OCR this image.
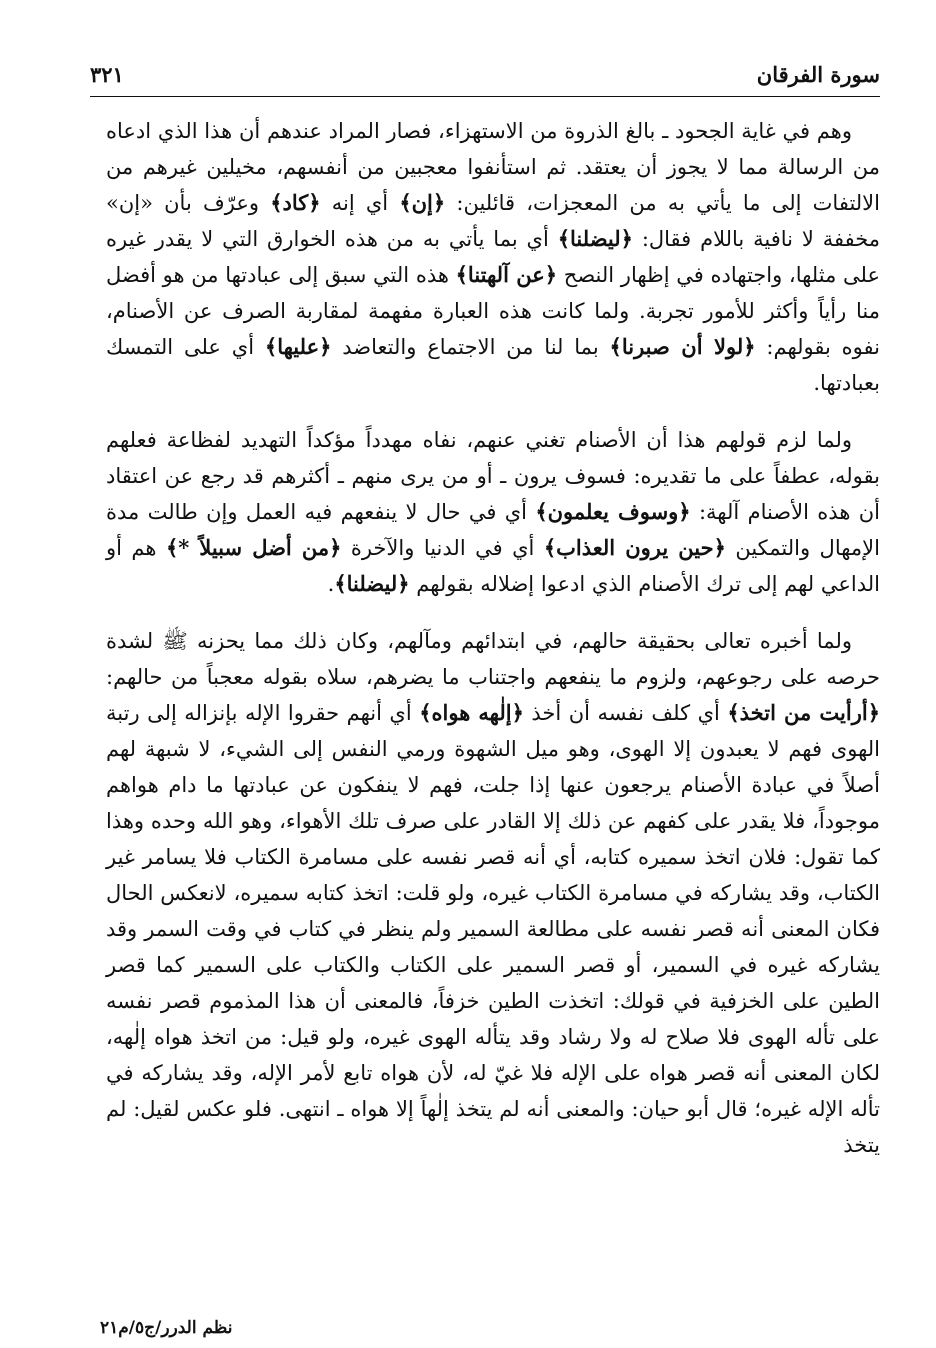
سورة الفرقان
٣٢١

وهم في غاية الجحود ـ بالغ الذروة من الاستهزاء، فصار المراد عندهم أن هذا الذي ادعاه من الرسالة مما لا يجوز أن يعتقد. ثم استأنفوا معجبين من أنفسهم، مخيلين غيرهم من الالتفات إلى ما يأتي به من المعجزات، قائلين: ﴿إن﴾ أي إنه ﴿كاد﴾ وعرّف بأن «إن» مخففة لا نافية باللام فقال: ﴿ليضلنا﴾ أي بما يأتي به من هذه الخوارق التي لا يقدر غيره على مثلها، واجتهاده في إظهار النصح ﴿عن آلهتنا﴾ هذه التي سبق إلى عبادتها من هو أفضل منا رأياً وأكثر للأمور تجربة. ولما كانت هذه العبارة مفهمة لمقاربة الصرف عن الأصنام، نفوه بقولهم: ﴿لولا أن صبرنا﴾ بما لنا من الاجتماع والتعاضد ﴿عليها﴾ أي على التمسك بعبادتها.

ولما لزم قولهم هذا أن الأصنام تغني عنهم، نفاه مهدداً مؤكداً التهديد لفظاعة فعلهم بقوله، عطفاً على ما تقديره: فسوف يرون ـ أو من يرى منهم ـ أكثرهم قد رجع عن اعتقاد أن هذه الأصنام آلهة: ﴿وسوف يعلمون﴾ أي في حال لا ينفعهم فيه العمل وإن طالت مدة الإمهال والتمكين ﴿حين يرون العذاب﴾ أي في الدنيا والآخرة ﴿من أضل سبيلاً *﴾ هم أو الداعي لهم إلى ترك الأصنام الذي ادعوا إضلاله بقولهم ﴿ليضلنا﴾.

ولما أخبره تعالى بحقيقة حالهم، في ابتدائهم ومآلهم، وكان ذلك مما يحزنه ﷺ لشدة حرصه على رجوعهم، ولزوم ما ينفعهم واجتناب ما يضرهم، سلاه بقوله معجباً من حالهم: ﴿أرأيت من اتخذ﴾ أي كلف نفسه أن أخذ ﴿إلٰهه هواه﴾ أي أنهم حقروا الإله بإنزاله إلى رتبة الهوى فهم لا يعبدون إلا الهوى، وهو ميل الشهوة ورمي النفس إلى الشيء، لا شبهة لهم أصلاً في عبادة الأصنام يرجعون عنها إذا جلت، فهم لا ينفكون عن عبادتها ما دام هواهم موجوداً، فلا يقدر على كفهم عن ذلك إلا القادر على صرف تلك الأهواء، وهو الله وحده وهذا كما تقول: فلان اتخذ سميره كتابه، أي أنه قصر نفسه على مسامرة الكتاب فلا يسامر غير الكتاب، وقد يشاركه في مسامرة الكتاب غيره، ولو قلت: اتخذ كتابه سميره، لانعكس الحال فكان المعنى أنه قصر نفسه على مطالعة السمير ولم ينظر في كتاب في وقت السمر وقد يشاركه غيره في السمير، أو قصر السمير على الكتاب والكتاب على السمير كما قصر الطين على الخزفية في قولك: اتخذت الطين خزفاً، فالمعنى أن هذا المذموم قصر نفسه على تأله الهوى فلا صلاح له ولا رشاد وقد يتأله الهوى غيره، ولو قيل: من اتخذ هواه إلٰهه، لكان المعنى أنه قصر هواه على الإله فلا غيّ له، لأن هواه تابع لأمر الإله، وقد يشاركه في تأله الإله غيره؛ قال أبو حيان: والمعنى أنه لم يتخذ إلٰهاً إلا هواه ـ انتهى. فلو عكس لقيل: لم يتخذ

نظم الدرر/ج٥/م٢١
